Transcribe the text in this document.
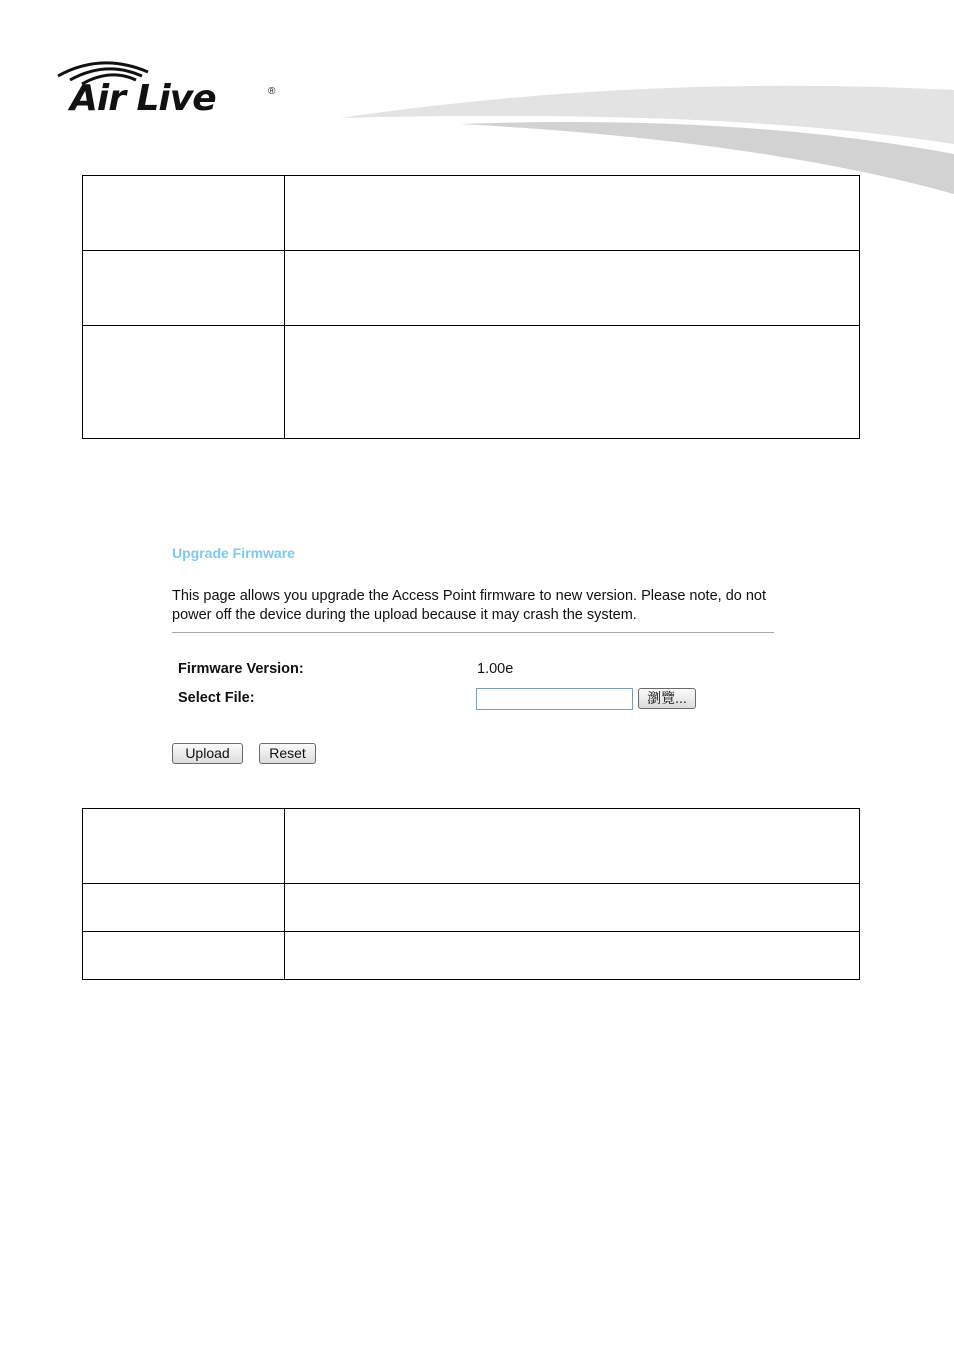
Air Live	®

Upgrade Firmware
This page allows you upgrade the Access Point firmware to new version. Please note, do not power off the device during the upload because it may crash the system.
Firmware Version:	1.00e
Select File:	瀏覽...
Upload	Reset
